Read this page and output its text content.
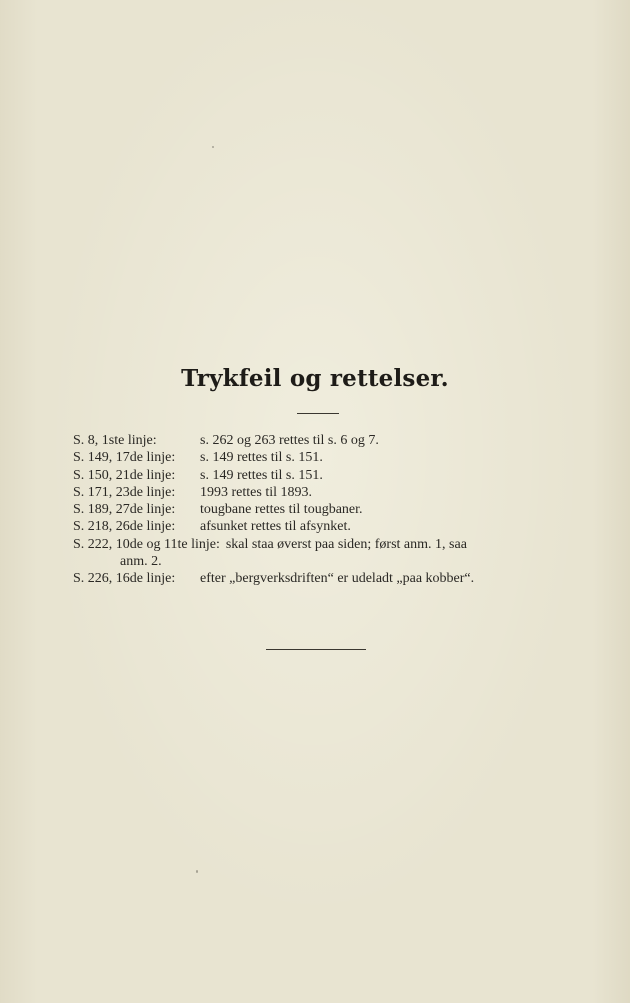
Trykfeil og rettelser.
S. 8, 1ste linje:	s. 262 og 263 rettes til s. 6 og 7.
S. 149, 17de linje:	s. 149 rettes til s. 151.
S. 150, 21de linje:	s. 149 rettes til s. 151.
S. 171, 23de linje:	1993 rettes til 1893.
S. 189, 27de linje:	tougbane rettes til tougbaner.
S. 218, 26de linje:	afsunket rettes til afsynket.
S. 222, 10de og 11te linje: skal staa øverst paa siden; først anm. 1, saa
anm. 2.
S. 226, 16de linje:	efter „bergverksdriften“ er udeladt „paa kobber“.
